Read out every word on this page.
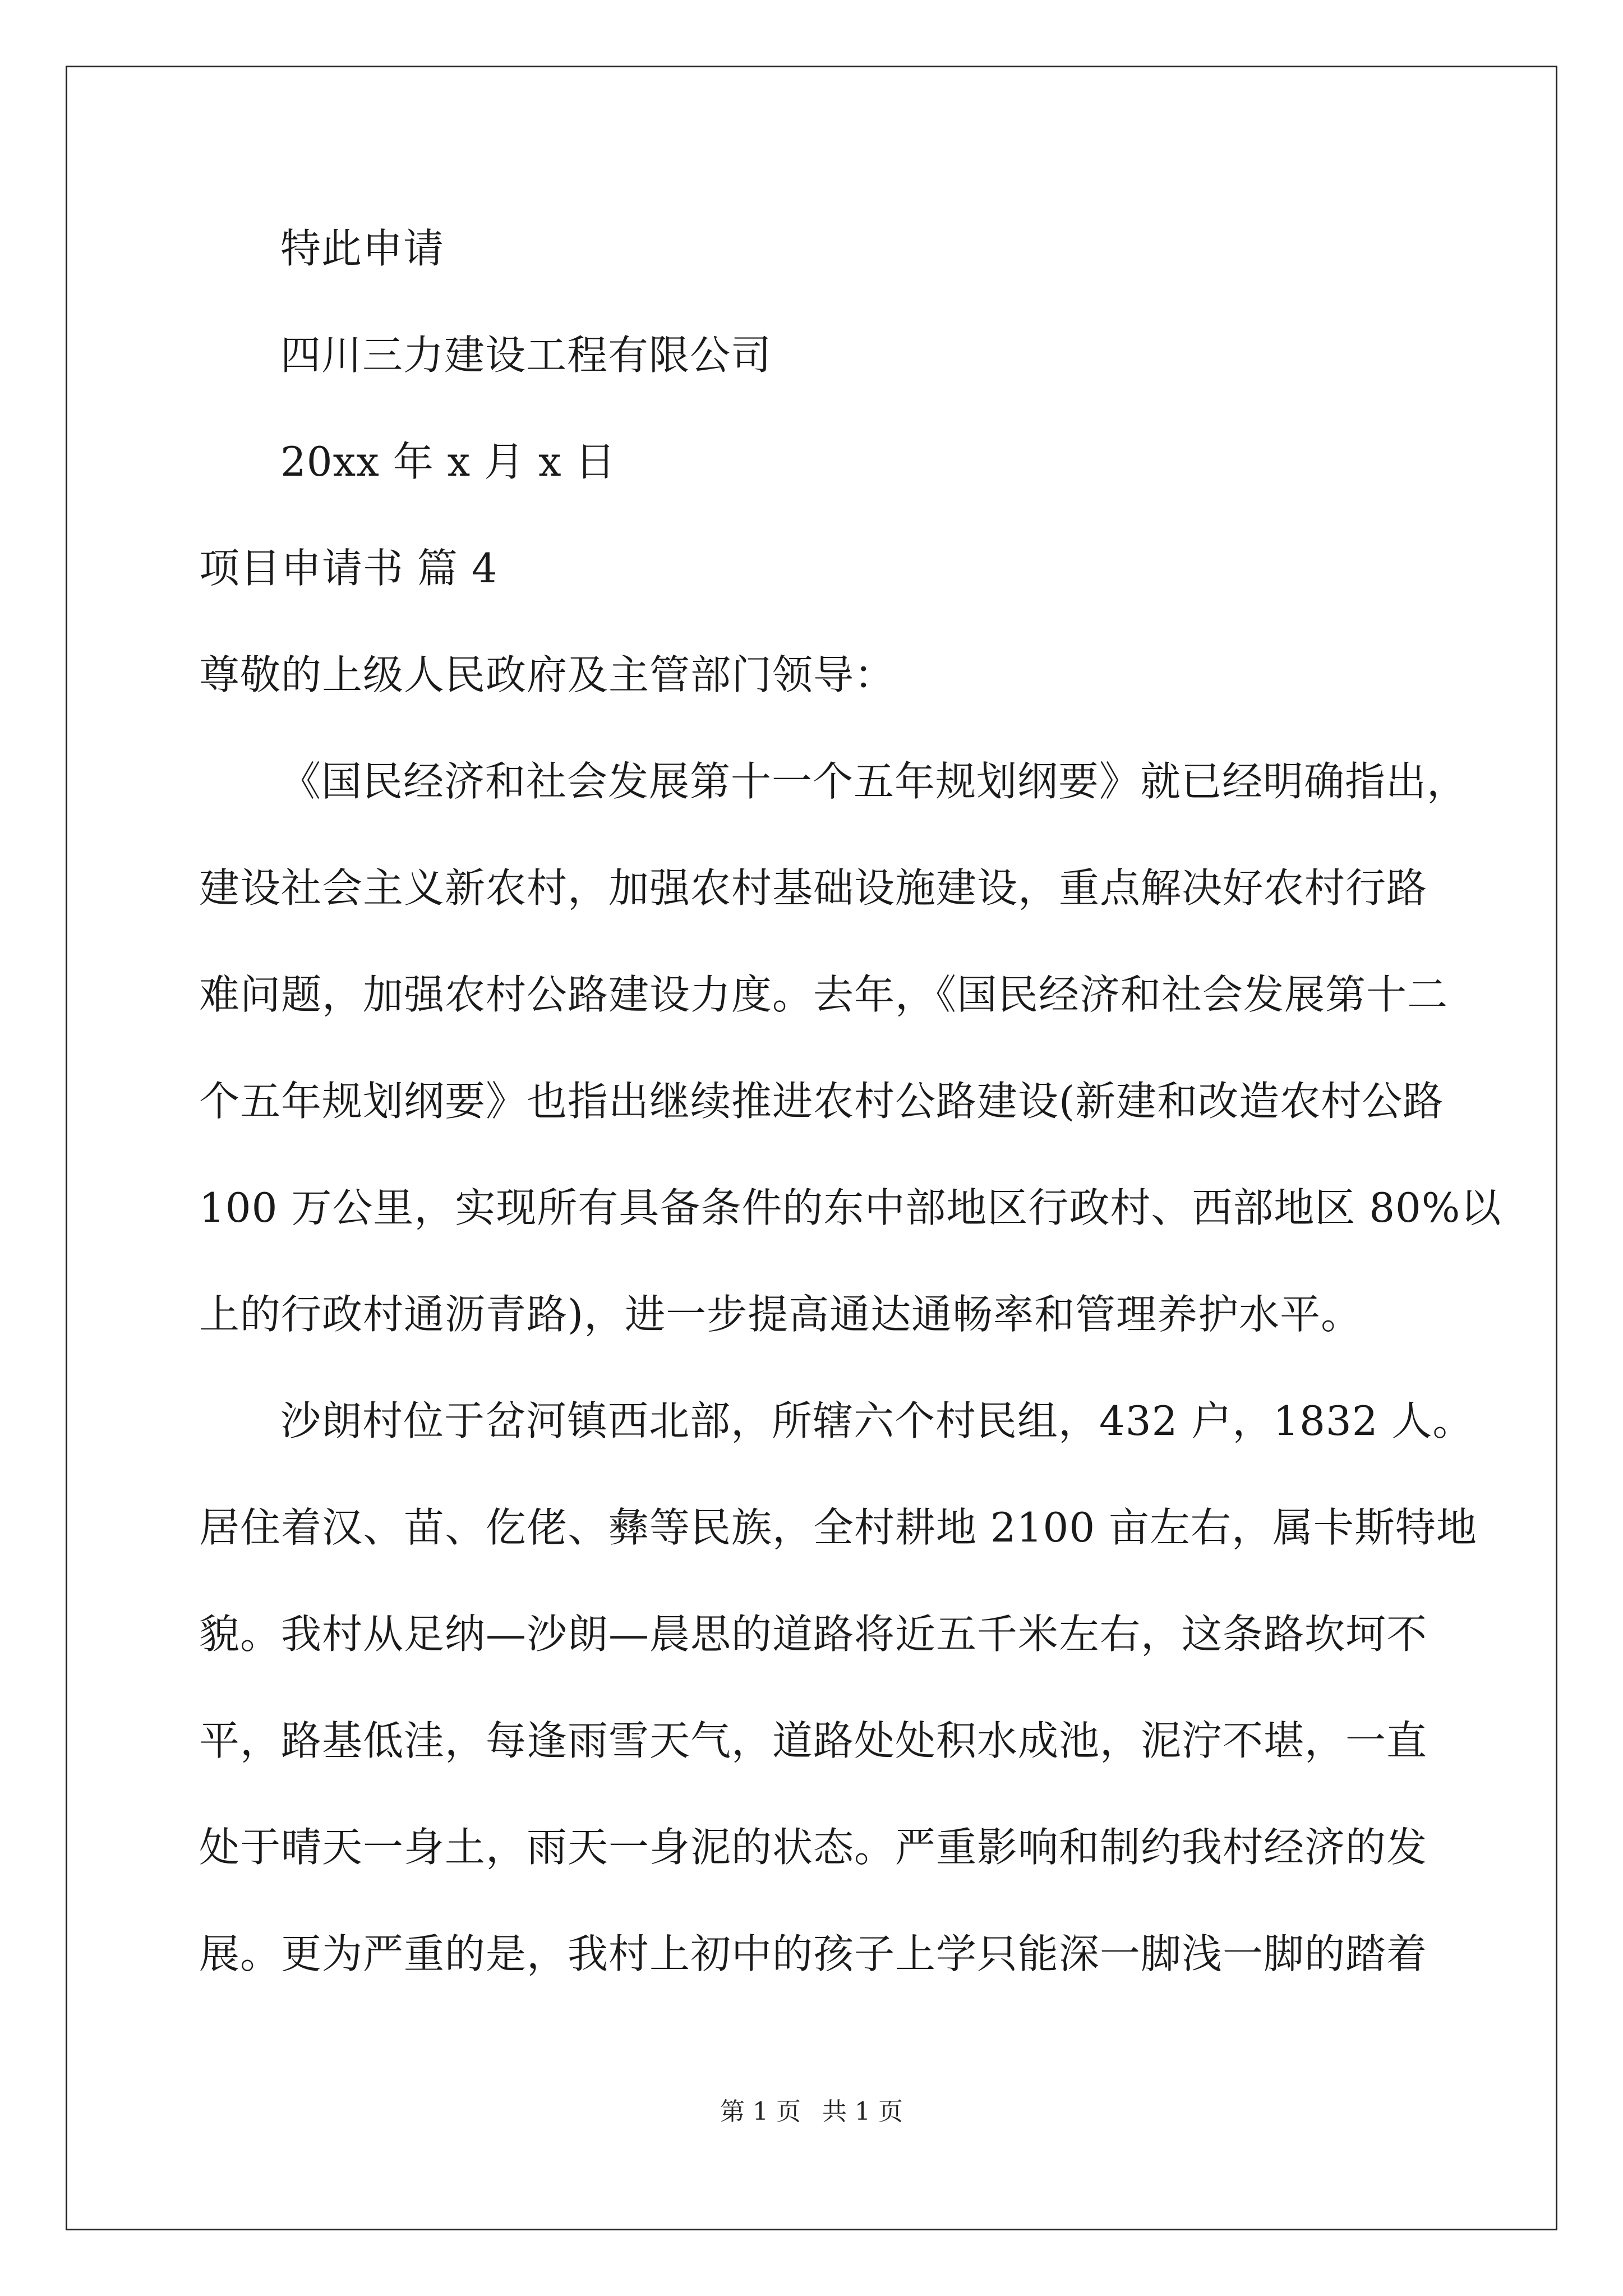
特此申请
四川三力建设工程有限公司
20xx 年 x 月 x 日
项目申请书 篇 4
尊敬的上级人民政府及主管部门领导：
《国民经济和社会发展第十一个五年规划纲要》就已经明确指出，
建设社会主义新农村，加强农村基础设施建设，重点解决好农村行路
难问题，加强农村公路建设力度。去年，《国民经济和社会发展第十二
个五年规划纲要》也指出继续推进农村公路建设(新建和改造农村公路
100 万公里，实现所有具备条件的东中部地区行政村、西部地区 80%以
上的行政村通沥青路)，进一步提高通达通畅率和管理养护水平。
沙朗村位于岔河镇西北部，所辖六个村民组，432 户，1832 人。
居住着汉、苗、仡佬、彝等民族，全村耕地 2100 亩左右，属卡斯特地
貌。我村从足纳—沙朗—晨思的道路将近五千米左右，这条路坎坷不
平，路基低洼，每逢雨雪天气，道路处处积水成池，泥泞不堪，一直
处于晴天一身土，雨天一身泥的状态。严重影响和制约我村经济的发
展。更为严重的是，我村上初中的孩子上学只能深一脚浅一脚的踏着
第 1 页 共 1 页
